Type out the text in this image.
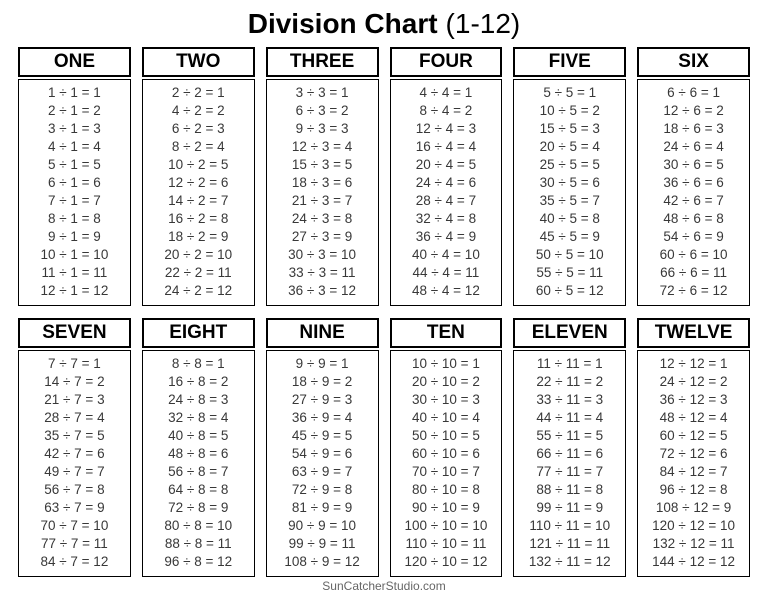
Division Chart (1-12)
ONE
1 ÷ 1 = 1
2 ÷ 1 = 2
3 ÷ 1 = 3
4 ÷ 1 = 4
5 ÷ 1 = 5
6 ÷ 1 = 6
7 ÷ 1 = 7
8 ÷ 1 = 8
9 ÷ 1 = 9
10 ÷ 1 = 10
11 ÷ 1 = 11
12 ÷ 1 = 12
TWO
2 ÷ 2 = 1
4 ÷ 2 = 2
6 ÷ 2 = 3
8 ÷ 2 = 4
10 ÷ 2 = 5
12 ÷ 2 = 6
14 ÷ 2 = 7
16 ÷ 2 = 8
18 ÷ 2 = 9
20 ÷ 2 = 10
22 ÷ 2 = 11
24 ÷ 2 = 12
THREE
3 ÷ 3 = 1
6 ÷ 3 = 2
9 ÷ 3 = 3
12 ÷ 3 = 4
15 ÷ 3 = 5
18 ÷ 3 = 6
21 ÷ 3 = 7
24 ÷ 3 = 8
27 ÷ 3 = 9
30 ÷ 3 = 10
33 ÷ 3 = 11
36 ÷ 3 = 12
FOUR
4 ÷ 4 = 1
8 ÷ 4 = 2
12 ÷ 4 = 3
16 ÷ 4 = 4
20 ÷ 4 = 5
24 ÷ 4 = 6
28 ÷ 4 = 7
32 ÷ 4 = 8
36 ÷ 4 = 9
40 ÷ 4 = 10
44 ÷ 4 = 11
48 ÷ 4 = 12
FIVE
5 ÷ 5 = 1
10 ÷ 5 = 2
15 ÷ 5 = 3
20 ÷ 5 = 4
25 ÷ 5 = 5
30 ÷ 5 = 6
35 ÷ 5 = 7
40 ÷ 5 = 8
45 ÷ 5 = 9
50 ÷ 5 = 10
55 ÷ 5 = 11
60 ÷ 5 = 12
SIX
6 ÷ 6 = 1
12 ÷ 6 = 2
18 ÷ 6 = 3
24 ÷ 6 = 4
30 ÷ 6 = 5
36 ÷ 6 = 6
42 ÷ 6 = 7
48 ÷ 6 = 8
54 ÷ 6 = 9
60 ÷ 6 = 10
66 ÷ 6 = 11
72 ÷ 6 = 12
SEVEN
7 ÷ 7 = 1
14 ÷ 7 = 2
21 ÷ 7 = 3
28 ÷ 7 = 4
35 ÷ 7 = 5
42 ÷ 7 = 6
49 ÷ 7 = 7
56 ÷ 7 = 8
63 ÷ 7 = 9
70 ÷ 7 = 10
77 ÷ 7 = 11
84 ÷ 7 = 12
EIGHT
8 ÷ 8 = 1
16 ÷ 8 = 2
24 ÷ 8 = 3
32 ÷ 8 = 4
40 ÷ 8 = 5
48 ÷ 8 = 6
56 ÷ 8 = 7
64 ÷ 8 = 8
72 ÷ 8 = 9
80 ÷ 8 = 10
88 ÷ 8 = 11
96 ÷ 8 = 12
NINE
9 ÷ 9 = 1
18 ÷ 9 = 2
27 ÷ 9 = 3
36 ÷ 9 = 4
45 ÷ 9 = 5
54 ÷ 9 = 6
63 ÷ 9 = 7
72 ÷ 9 = 8
81 ÷ 9 = 9
90 ÷ 9 = 10
99 ÷ 9 = 11
108 ÷ 9 = 12
TEN
10 ÷ 10 = 1
20 ÷ 10 = 2
30 ÷ 10 = 3
40 ÷ 10 = 4
50 ÷ 10 = 5
60 ÷ 10 = 6
70 ÷ 10 = 7
80 ÷ 10 = 8
90 ÷ 10 = 9
100 ÷ 10 = 10
110 ÷ 10 = 11
120 ÷ 10 = 12
ELEVEN
11 ÷ 11 = 1
22 ÷ 11 = 2
33 ÷ 11 = 3
44 ÷ 11 = 4
55 ÷ 11 = 5
66 ÷ 11 = 6
77 ÷ 11 = 7
88 ÷ 11 = 8
99 ÷ 11 = 9
110 ÷ 11 = 10
121 ÷ 11 = 11
132 ÷ 11 = 12
TWELVE
12 ÷ 12 = 1
24 ÷ 12 = 2
36 ÷ 12 = 3
48 ÷ 12 = 4
60 ÷ 12 = 5
72 ÷ 12 = 6
84 ÷ 12 = 7
96 ÷ 12 = 8
108 ÷ 12 = 9
120 ÷ 12 = 10
132 ÷ 12 = 11
144 ÷ 12 = 12
SunCatcherStudio.com
